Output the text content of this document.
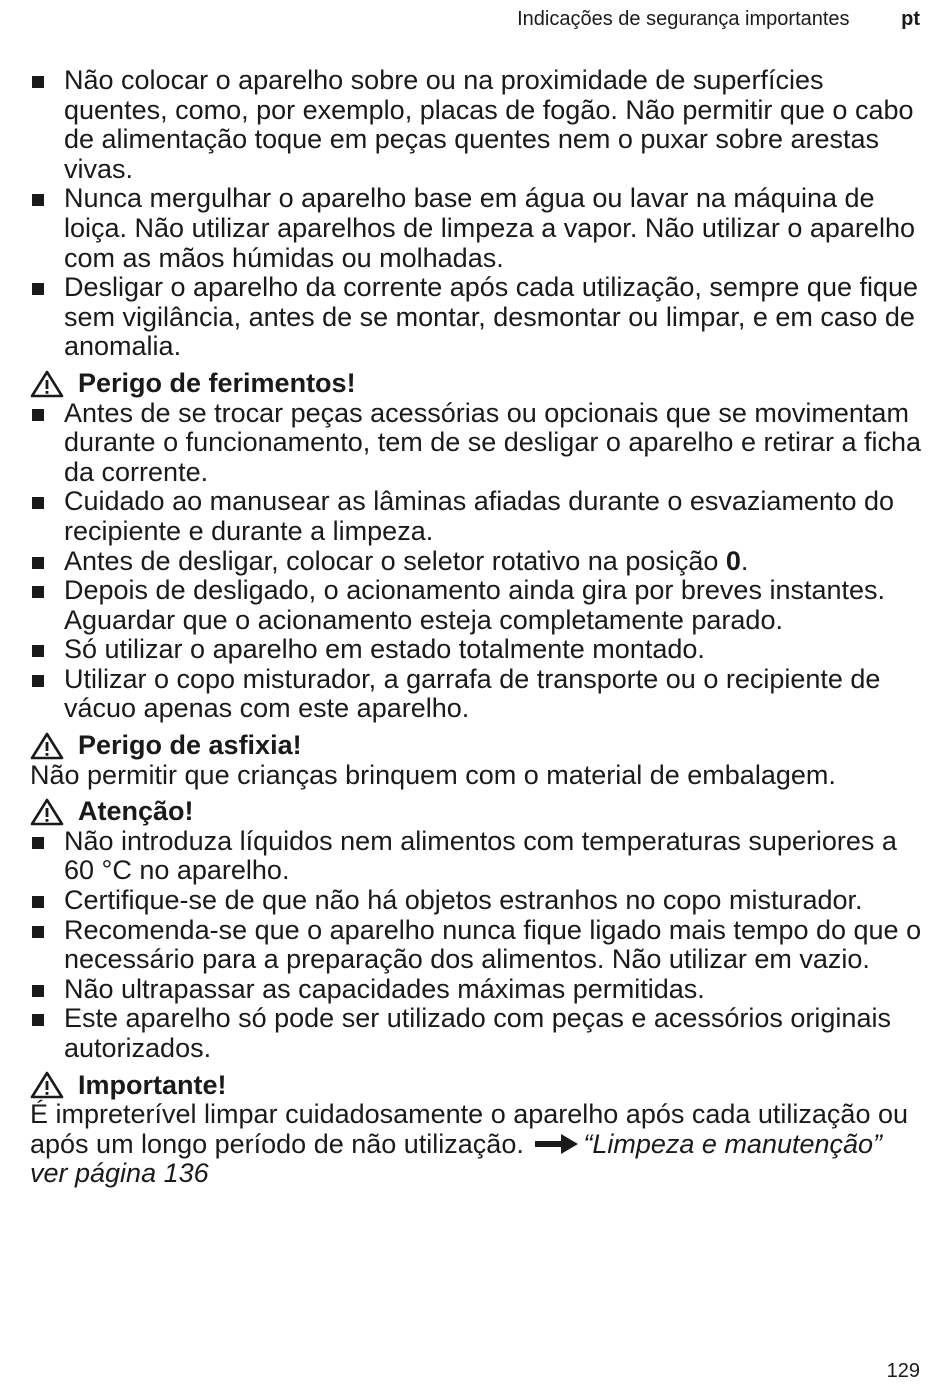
Indicações de segurança importantes	pt
Não colocar o aparelho sobre ou na proximidade de superfícies quentes, como, por exemplo, placas de fogão. Não permitir que o cabo de alimentação toque em peças quentes nem o puxar sobre arestas vivas.
Nunca mergulhar o aparelho base em água ou lavar na máquina de loiça. Não utilizar aparelhos de limpeza a vapor. Não utilizar o aparelho com as mãos húmidas ou molhadas.
Desligar o aparelho da corrente após cada utilização, sempre que fique sem vigilância, antes de se montar, desmontar ou limpar, e em caso de anomalia.
Perigo de ferimentos!
Antes de se trocar peças acessórias ou opcionais que se movimentam durante o funcionamento, tem de se desligar o aparelho e retirar a ficha da corrente.
Cuidado ao manusear as lâminas afiadas durante o esvaziamento do recipiente e durante a limpeza.
Antes de desligar, colocar o seletor rotativo na posição 0.
Depois de desligado, o acionamento ainda gira por breves instantes. Aguardar que o acionamento esteja completamente parado.
Só utilizar o aparelho em estado totalmente montado.
Utilizar o copo misturador, a garrafa de transporte ou o recipiente de vácuo apenas com este aparelho.
Perigo de asfixia!

Não permitir que crianças brinquem com o material de embalagem.

Atenção!
Não introduza líquidos nem alimentos com temperaturas superiores a 60 °C no aparelho.
Certifique-se de que não há objetos estranhos no copo misturador.
Recomenda-se que o aparelho nunca fique ligado mais tempo do que o necessário para a preparação dos alimentos. Não utilizar em vazio.
Não ultrapassar as capacidades máximas permitidas.
Este aparelho só pode ser utilizado com peças e acessórios originais autorizados.
Importante!

É impreterível limpar cuidadosamente o aparelho após cada utilização ou após um longo período de não utilização. “Limpeza e manutenção” ver página 136

129
